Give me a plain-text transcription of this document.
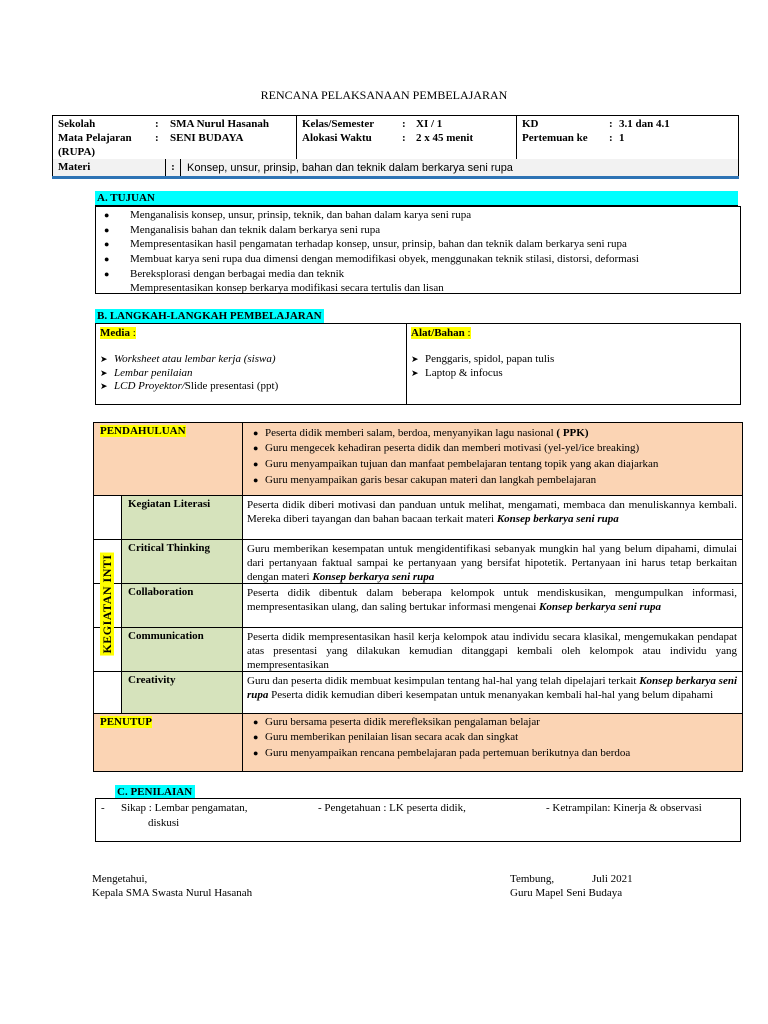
RENCANA PELAKSANAAN PEMBELAJARAN
Sekolah	: SMA Nurul Hasanah
Mata Pelajaran : SENI BUDAYA
(RUPA)
Kelas/Semester	: XI / 1
Alokasi Waktu	: 2 x 45 menit
KD	: 3.1 dan 4.1
Pertemuan ke : 1
Materi	:	Konsep, unsur, prinsip, bahan dan teknik dalam berkarya seni rupa
A. TUJUAN
●	Menganalisis konsep, unsur, prinsip, teknik, dan bahan dalam karya seni rupa
●	Menganalisis bahan dan teknik dalam berkarya seni rupa
●	Mempresentasikan hasil pengamatan terhadap konsep, unsur, prinsip, bahan dan teknik dalam berkarya seni rupa
●	Membuat karya seni rupa dua dimensi dengan memodifikasi obyek, menggunakan teknik stilasi, distorsi, deformasi
●	Bereksplorasi dengan berbagai media dan teknik
Mempresentasikan konsep berkarya modifikasi secara tertulis dan lisan
B. LANGKAH-LANGKAH PEMBELAJARAN
Media :
➤ Worksheet atau lembar kerja (siswa)
➤ Lembar penilaian
➤ LCD Proyektor/ Slide presentasi (ppt)
Alat/Bahan :
➤ Penggaris, spidol, papan tulis
➤ Laptop & infocus
PENDAHULUAN	● Peserta didik memberi salam, berdoa, menyanyikan lagu nasional ( PPK)
● Guru mengecek kehadiran peserta didik dan memberi motivasi (yel-yel/ice breaking)
● Guru menyampaikan tujuan dan manfaat pembelajaran tentang topik yang akan diajarkan
● Guru menyampaikan garis besar cakupan materi dan langkah pembelajaran
Kegiatan Literasi	Peserta didik diberi motivasi dan panduan untuk melihat, mengamati, membaca dan menuliskannya kembali. Mereka diberi tayangan dan bahan bacaan terkait materi Konsep berkarya seni rupa
Critical Thinking	Guru memberikan kesempatan untuk mengidentifikasi sebanyak mungkin hal yang belum dipahami, dimulai dari pertanyaan faktual sampai ke pertanyaan yang bersifat hipotetik. Pertanyaan ini harus tetap berkaitan dengan materi Konsep berkarya seni rupa
Collaboration	Peserta didik dibentuk dalam beberapa kelompok untuk mendiskusikan, mengumpulkan informasi, mempresentasikan ulang, dan saling bertukar informasi mengenai Konsep berkarya seni rupa
Communication	Peserta didik mempresentasikan hasil kerja kelompok atau individu secara klasikal, mengemukakan pendapat atas presentasi yang dilakukan kemudian ditanggapi kembali oleh kelompok atau individu yang mempresentasikan
Creativity	Guru dan peserta didik membuat kesimpulan tentang hal-hal yang telah dipelajari terkait Konsep berkarya seni rupa Peserta didik kemudian diberi kesempatan untuk menanyakan kembali hal-hal yang belum dipahami
PENUTUP	● Guru bersama peserta didik merefleksikan pengalaman belajar
● Guru memberikan penilaian lisan secara acak dan singkat
● Guru menyampaikan rencana pembelajaran pada pertemuan berikutnya dan berdoa
KEGIATAN INTI
C. PENILAIAN
- Sikap : Lembar pengamatan,
diskusi
- Pengetahuan : LK peserta didik,	- Ketrampilan: Kinerja & observasi
Mengetahui,
Kepala SMA Swasta Nurul Hasanah
Tembung,	Juli 2021
Guru Mapel Seni Budaya
